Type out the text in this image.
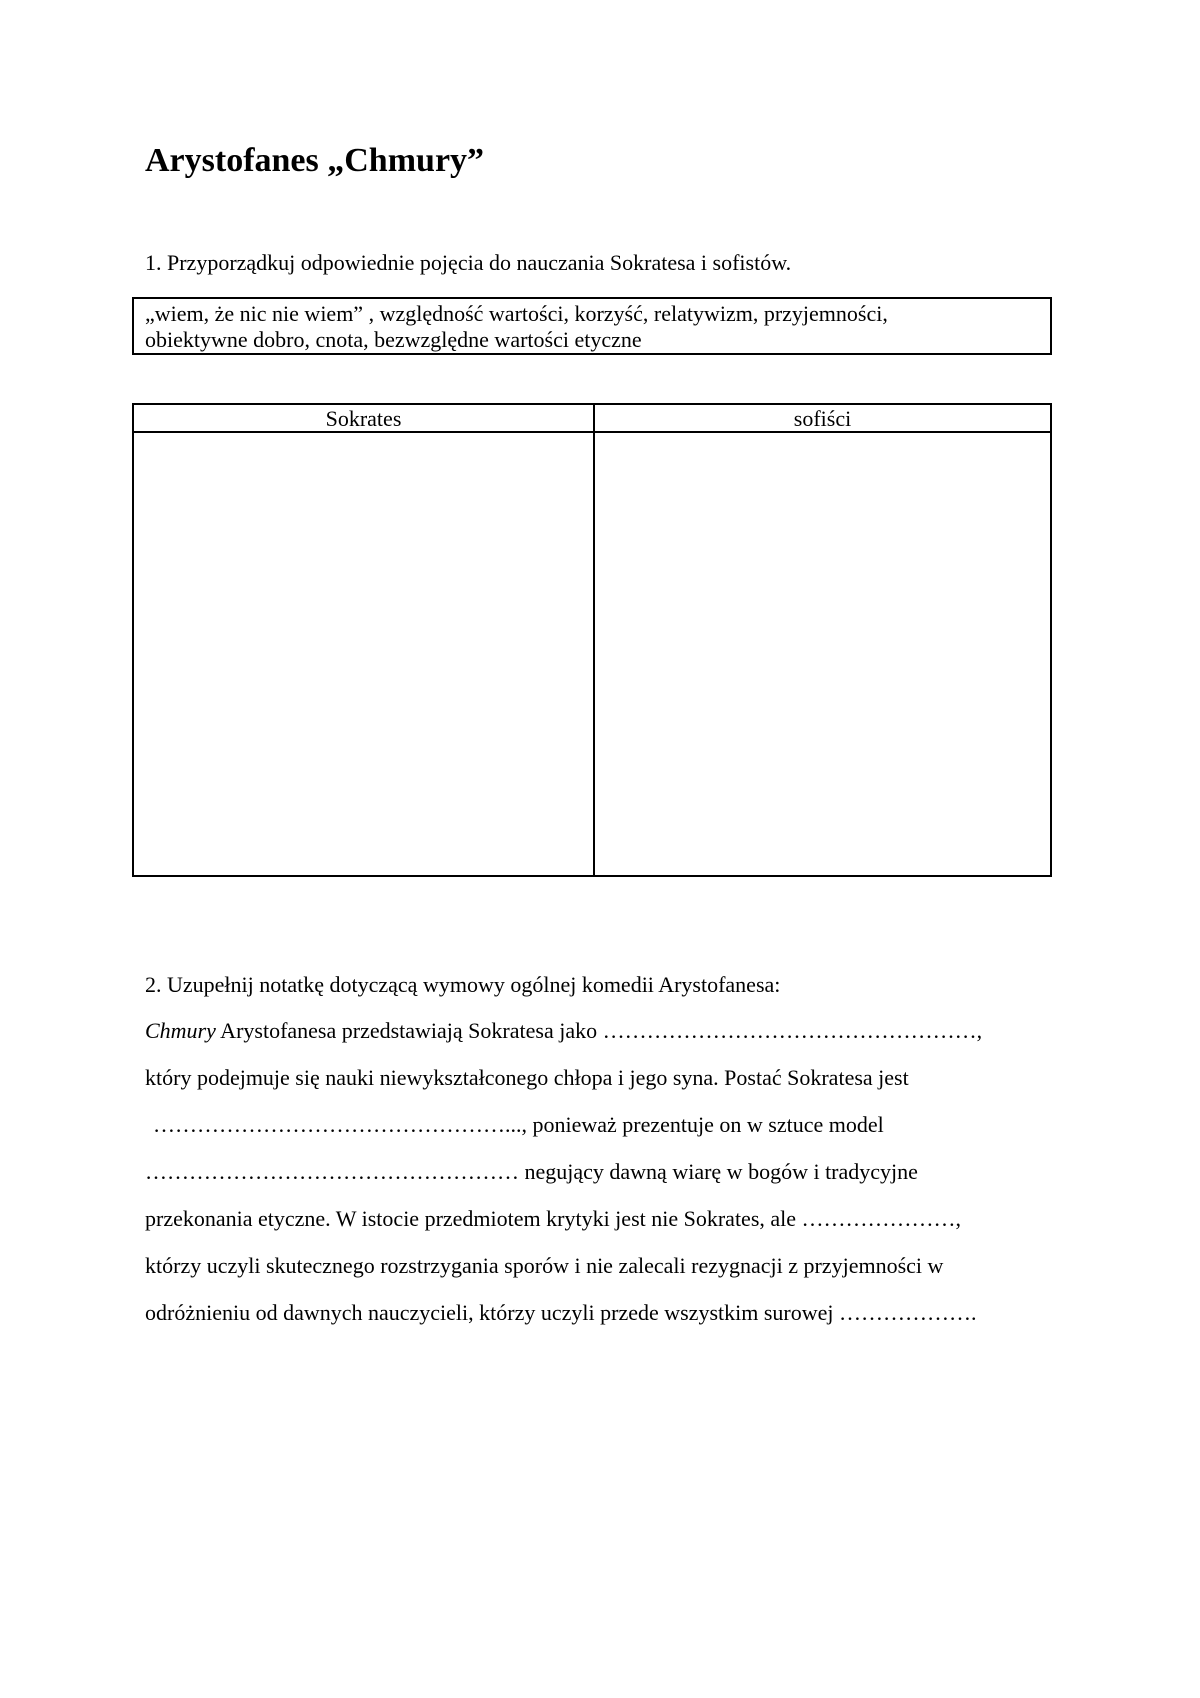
Arystofanes „Chmury”

1. Przyporządkuj odpowiednie pojęcia do nauczania Sokratesa i sofistów.

„wiem, że nic nie wiem” , względność wartości, korzyść, relatywizm, przyjemności,
obiektywne dobro, cnota, bezwzględne wartości etyczne
Sokrates	sofiści

2. Uzupełnij notatkę dotyczącą wymowy ogólnej komedii Arystofanesa:

Chmury Arystofanesa przedstawiają Sokratesa jako ……………………………………………,
który podejmuje się nauki niewykształconego chłopa i jego syna. Postać Sokratesa jest
…………………………………………..., ponieważ prezentuje on w sztuce model
…………………………………………… negujący dawną wiarę w bogów i tradycyjne
przekonania etyczne. W istocie przedmiotem krytyki jest nie Sokrates, ale …………………,
którzy uczyli skutecznego rozstrzygania sporów i nie zalecali rezygnacji z przyjemności w
odróżnieniu od dawnych nauczycieli, którzy uczyli przede wszystkim surowej ……………….
